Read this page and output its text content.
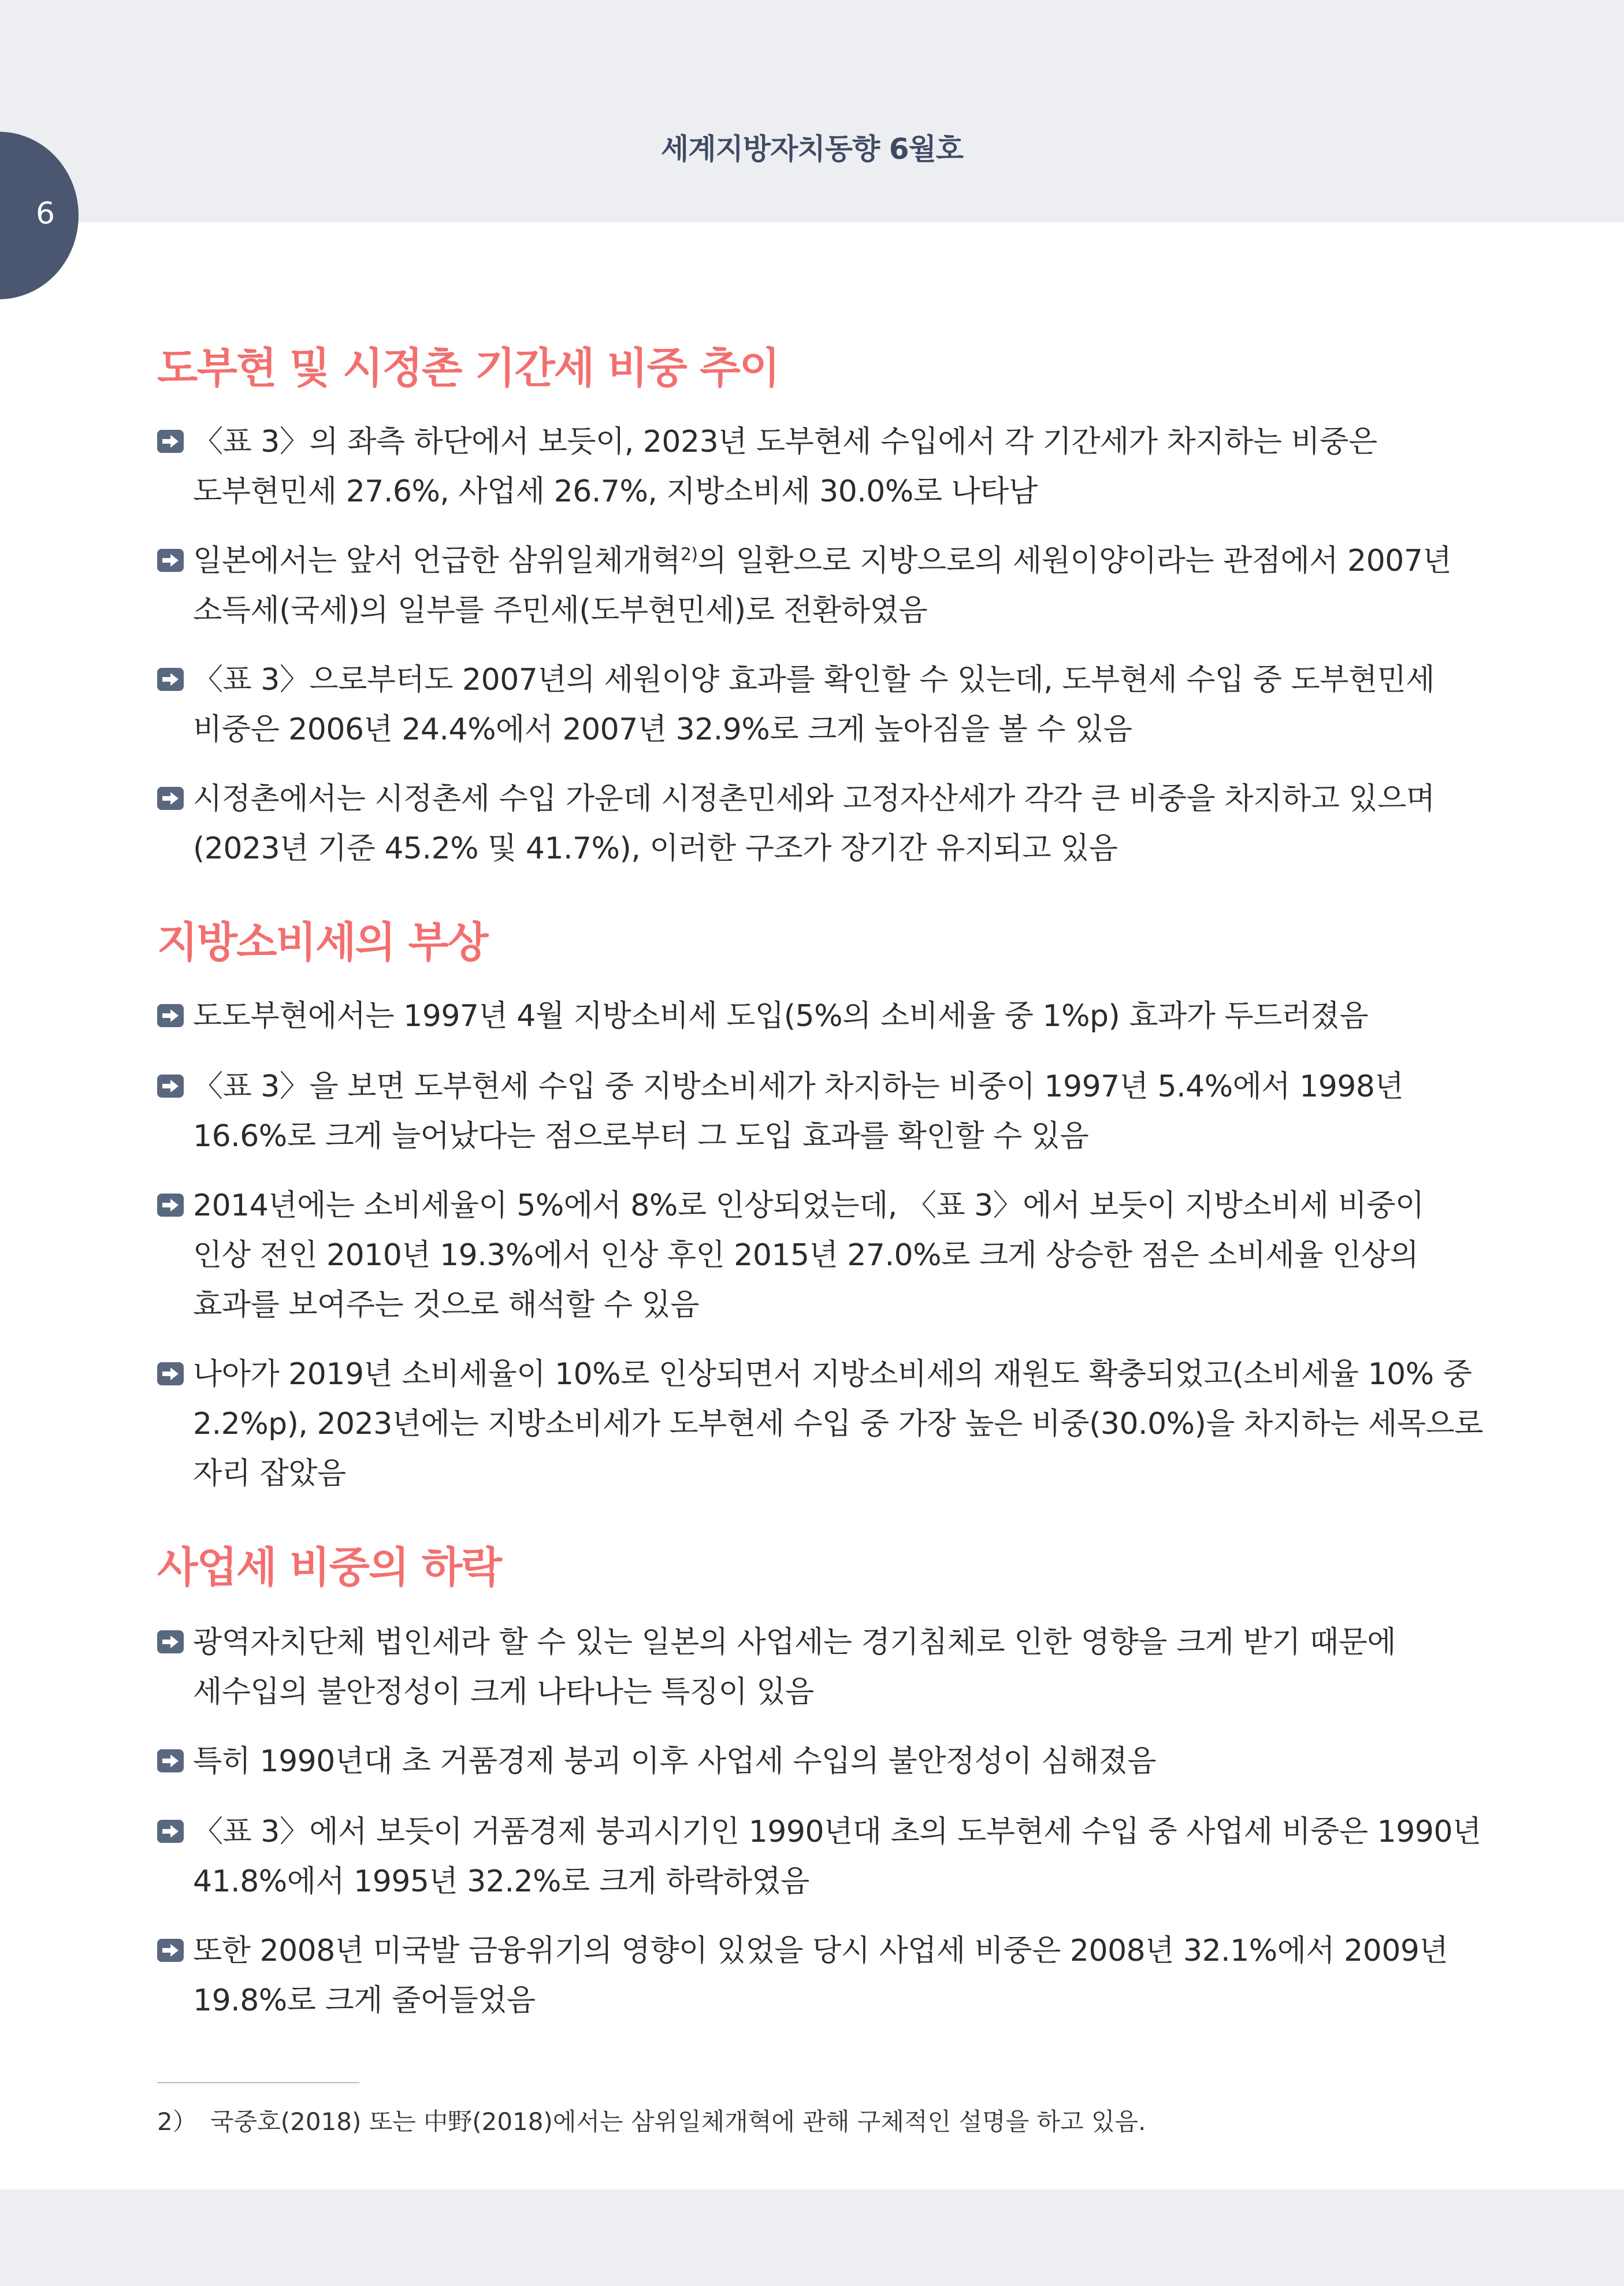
세계지방자치동향 6월호
6
도부현 및 시정촌 기간세 비중 추이
〈표 3〉의 좌측 하단에서 보듯이, 2023년 도부현세 수입에서 각 기간세가 차지하는 비중은 도부현민세 27.6%, 사업세 26.7%, 지방소비세 30.0%로 나타남
일본에서는 앞서 언급한 삼위일체개혁$^{2)}$의 일환으로 지방으로의 세원이양이라는 관점에서 2007년 소득세(국세)의 일부를 주민세(도부현민세)로 전환하였음
〈표 3〉으로부터도 2007년의 세원이양 효과를 확인할 수 있는데, 도부현세 수입 중 도부현민세 비중은 2006년 24.4%에서 2007년 32.9%로 크게 높아짐을 볼 수 있음
시정촌에서는 시정촌세 수입 가운데 시정촌민세와 고정자산세가 각각 큰 비중을 차지하고 있으며(2023년 기준 45.2% 및 41.7%), 이러한 구조가 장기간 유지되고 있음
지방소비세의 부상
도도부현에서는 1997년 4월 지방소비세 도입(5%의 소비세율 중 1%p) 효과가 두드러졌음
〈표 3〉을 보면 도부현세 수입 중 지방소비세가 차지하는 비중이 1997년 5.4%에서 1998년 16.6%로 크게 늘어났다는 점으로부터 그 도입 효과를 확인할 수 있음
2014년에는 소비세율이 5%에서 8%로 인상되었는데, 〈표 3〉에서 보듯이 지방소비세 비중이 인상 전인 2010년 19.3%에서 인상 후인 2015년 27.0%로 크게 상승한 점은 소비세율 인상의 효과를 보여주는 것으로 해석할 수 있음
나아가 2019년 소비세율이 10%로 인상되면서 지방소비세의 재원도 확충되었고(소비세율 10% 중 2.2%p), 2023년에는 지방소비세가 도부현세 수입 중 가장 높은 비중(30.0%)을 차지하는 세목으로 자리 잡았음
사업세 비중의 하락
광역자치단체 법인세라 할 수 있는 일본의 사업세는 경기침체로 인한 영향을 크게 받기 때문에 세수입의 불안정성이 크게 나타나는 특징이 있음
특히 1990년대 초 거품경제 붕괴 이후 사업세 수입의 불안정성이 심해졌음
〈표 3〉에서 보듯이 거품경제 붕괴시기인 1990년대 초의 도부현세 수입 중 사업세 비중은 1990년 41.8%에서 1995년 32.2%로 크게 하락하였음
또한 2008년 미국발 금융위기의 영향이 있었을 당시 사업세 비중은 2008년 32.1%에서 2009년 19.8%로 크게 줄어들었음
2） 국중호(2018) 또는 中野(2018)에서는 삼위일체개혁에 관해 구체적인 설명을 하고 있음.
